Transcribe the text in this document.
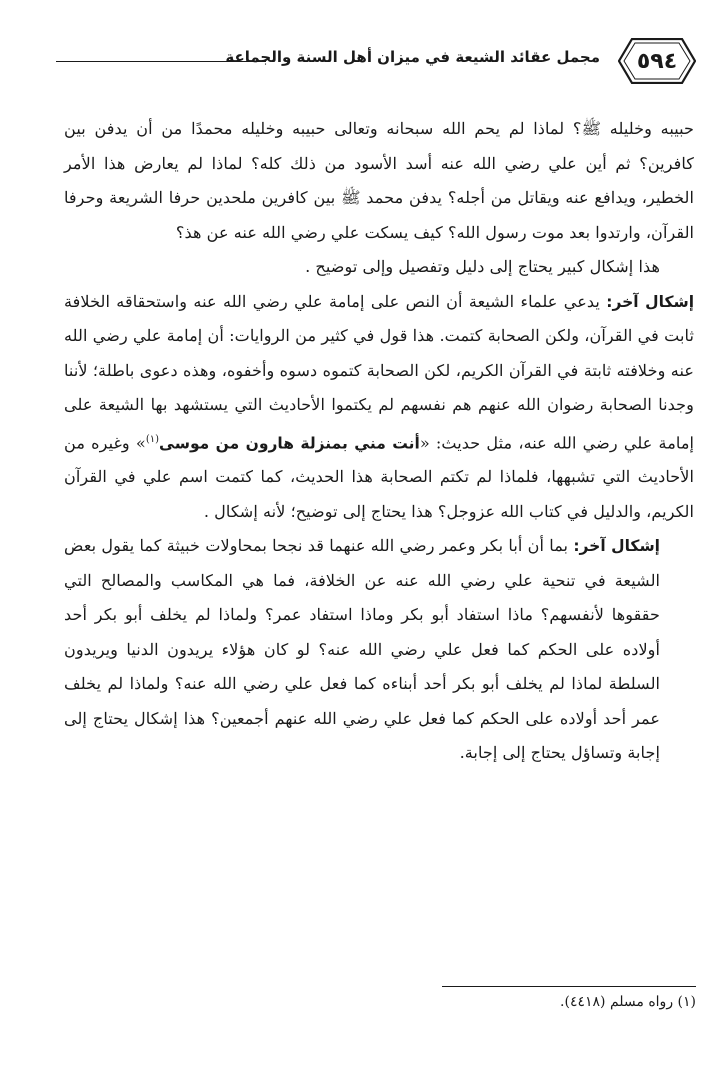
٥٩٤
مجمل عقائد الشيعة في ميزان أهل السنة والجماعة

حبيبه وخليله ﷺ؟ لماذا لم يحم الله سبحانه وتعالى حبيبه وخليله محمدًا من أن يدفن بين كافرين؟ ثم أين علي رضي الله عنه أسد الأسود من ذلك كله؟ لماذا لم يعارض هذا الأمر الخطير، ويدافع عنه ويقاتل من أجله؟ يدفن محمد ﷺ بين كافرين ملحدين حرفا الشريعة وحرفا القرآن، وارتدوا بعد موت رسول الله؟ كيف يسكت علي رضي الله عنه عن هذ؟

هذا إشكال كبير يحتاج إلى دليل وتفصيل وإلى توضيح .

إشكال آخر: يدعي علماء الشيعة أن النص على إمامة علي رضي الله عنه واستحقاقه الخلافة ثابت في القرآن، ولكن الصحابة كتمت. هذا قول في كثير من الروايات: أن إمامة علي رضي الله عنه وخلافته ثابتة في القرآن الكريم، لكن الصحابة كتموه دسوه وأخفوه، وهذه دعوى باطلة؛ لأننا وجدنا الصحابة رضوان الله عنهم هم نفسهم لم يكتموا الأحاديث التي يستشهد بها الشيعة على إمامة علي رضي الله عنه، مثل حديث: «أنت مني بمنزلة هارون من موسى$^{(١)}$» وغيره من الأحاديث التي تشبهها، فلماذا لم تكتم الصحابة هذا الحديث، كما كتمت اسم علي في القرآن الكريم، والدليل في كتاب الله عزوجل؟ هذا يحتاج إلى توضيح؛ لأنه إشكال .

إشكال آخر: بما أن أبا بكر وعمر رضي الله عنهما قد نجحا بمحاولات خبيثة كما يقول بعض الشيعة في تنحية علي رضي الله عنه عن الخلافة، فما هي المكاسب والمصالح التي حققوها لأنفسهم؟ ماذا استفاد أبو بكر وماذا استفاد عمر؟ ولماذا لم يخلف أبو بكر أحد أولاده على الحكم كما فعل علي رضي الله عنه؟ لو كان هؤلاء يريدون الدنيا ويريدون السلطة لماذا لم يخلف أبو بكر أحد أبناءه كما فعل علي رضي الله عنه؟ ولماذا لم يخلف عمر أحد أولاده على الحكم كما فعل علي رضي الله عنهم أجمعين؟ هذا إشكال يحتاج إلى إجابة وتساؤل يحتاج إلى إجابة.

(١) رواه مسلم (٤٤١٨).
